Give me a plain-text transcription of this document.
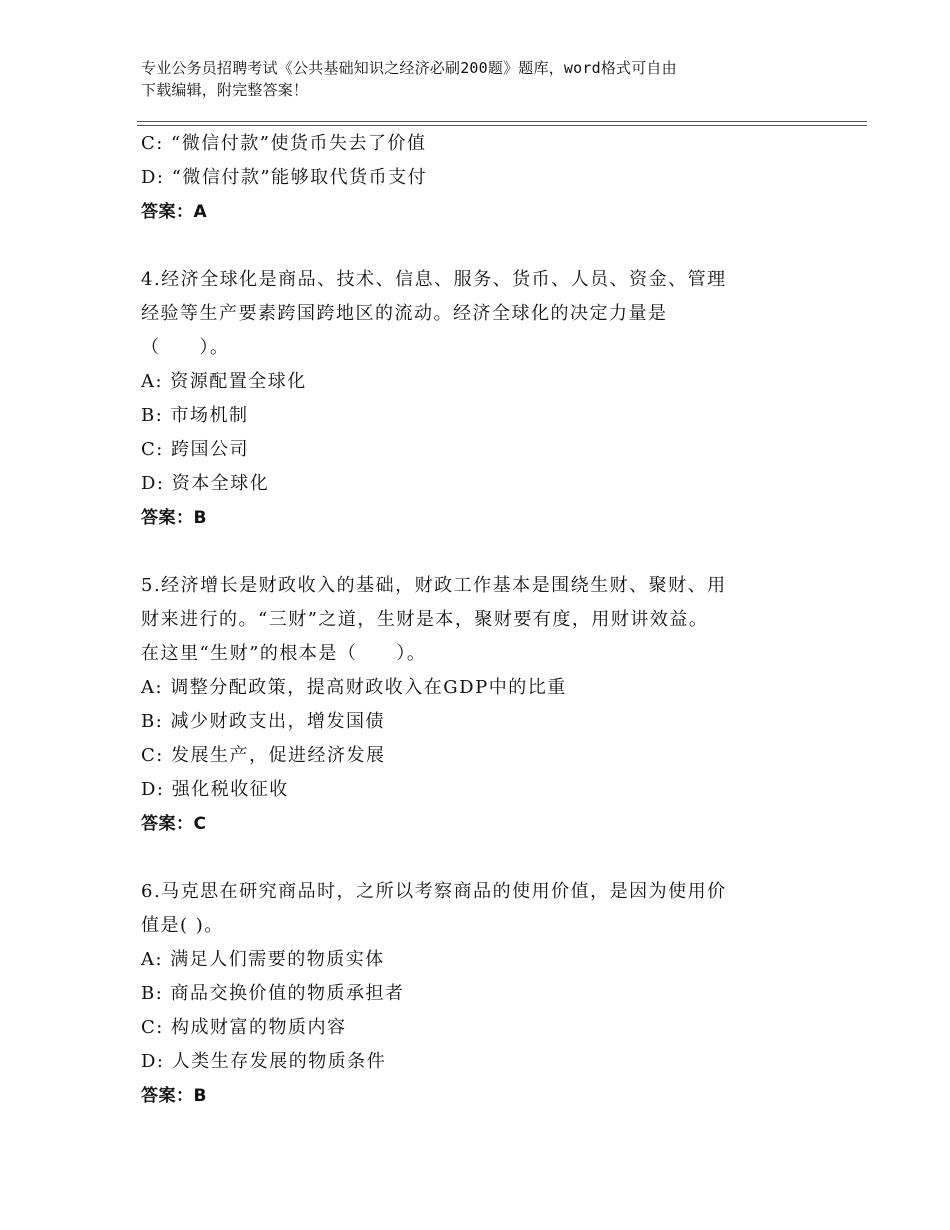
专业公务员招聘考试《公共基础知识之经济必刷200题》题库，word格式可自由
下载编辑，附完整答案！
C: “微信付款”使货币失去了价值
D: “微信付款”能够取代货币支付
答案：A
4.经济全球化是商品、技术、信息、服务、货币、人员、资金、管理
经验等生产要素跨国跨地区的流动。经济全球化的决定力量是
（　　）。
A: 资源配置全球化
B: 市场机制
C: 跨国公司
D: 资本全球化
答案：B
5.经济增长是财政收入的基础，财政工作基本是围绕生财、聚财、用
财来进行的。“三财”之道，生财是本，聚财要有度，用财讲效益。
在这里“生财”的根本是（　　）。
A: 调整分配政策，提高财政收入在GDP中的比重
B: 减少财政支出，增发国债
C: 发展生产，促进经济发展
D: 强化税收征收
答案：C
6.马克思在研究商品时，之所以考察商品的使用价值，是因为使用价
值是( )。
A: 满足人们需要的物质实体
B: 商品交换价值的物质承担者
C: 构成财富的物质内容
D: 人类生存发展的物质条件
答案：B
